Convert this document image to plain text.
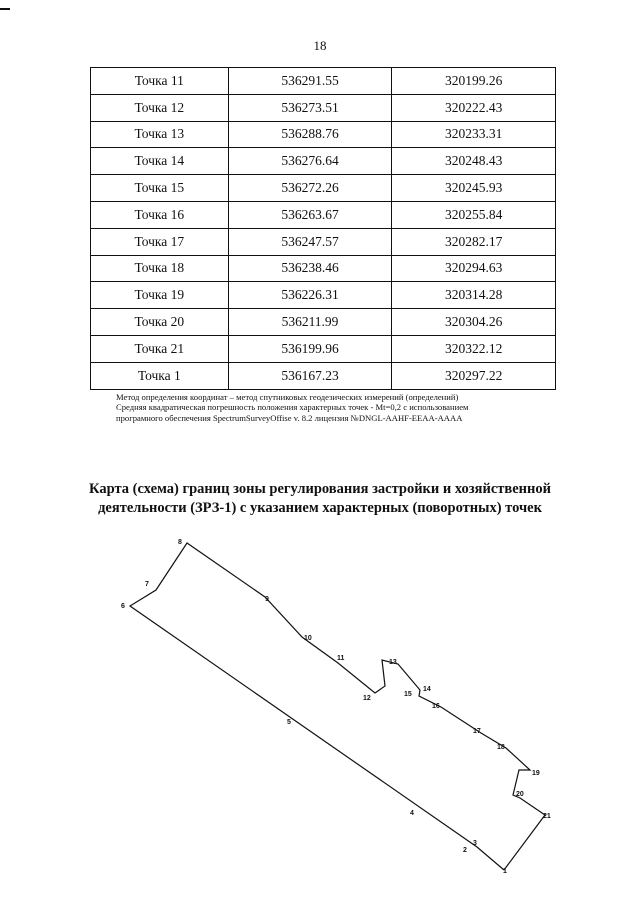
18
Точка 11	536291.55	320199.26
Точка 12	536273.51	320222.43
Точка 13	536288.76	320233.31
Точка 14	536276.64	320248.43
Точка 15	536272.26	320245.93
Точка 16	536263.67	320255.84
Точка 17	536247.57	320282.17
Точка 18	536238.46	320294.63
Точка 19	536226.31	320314.28
Точка 20	536211.99	320304.26
Точка 21	536199.96	320322.12
Точка 1	536167.23	320297.22
Метод определения координат – метод спутниковых геодезических измерений (определений)
Средняя квадратическая погрешность положения характерных точек - Mt=0,2 с использованием
програмного обеспечения SpectrumSurveyOffise v. 8.2 лицензия №DNGL-AAHF-EEAA-AAAA
Карта (схема) границ зоны регулирования застройки и хозяйственной
деятельности (ЗРЗ-1) с указанием характерных (поворотных) точек
1
2
3
4
5
6
7
8
9
10
11
12
13
14
15
16
17
18
19
20
21
